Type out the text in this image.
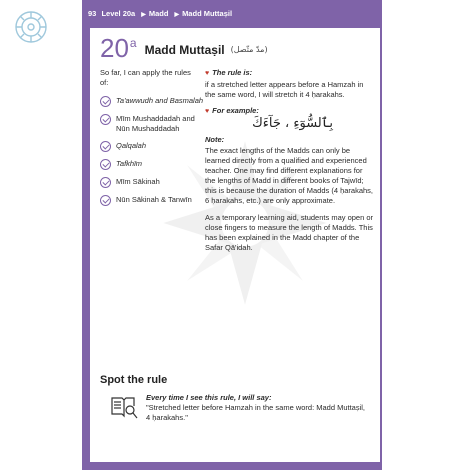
93 Level 20a ▶ Madd ▶ Madd Muttaṣil
20 a Madd Muttaṣil (مدّ متّصل)
So far, I can apply the rules of:
Ta'awwudh and Basmalah
Mīm Mushaddadah and Nūn Mushaddadah
Qalqalah
Tafkhīm
Mīm Sākinah
Nūn Sākinah & Tanwīn
♥ The rule is:
if a stretched letter appears before a Hamzah in the same word, I will stretch it 4 ḥarakahs.
♥ For example:
بِٱلسُّوٓءِ ، جَآءَكَ
Note:
The exact lengths of the Madds can only be learned directly from a qualified and experienced teacher. One may find different explanations for the lengths of Madd in different books of Tajwīd; this is because the duration of Madds (4 ḥarakahs, 6 ḥarakahs, etc.) are only approximate.
As a temporary learning aid, students may open or close fingers to measure the length of Madds. This has been explained in the Madd chapter of the Safar Qā'idah.
Spot the rule
Every time I see this rule, I will say:
"Stretched letter before Hamzah in the same word: Madd Muttaṣil, 4 ḥarakahs."
